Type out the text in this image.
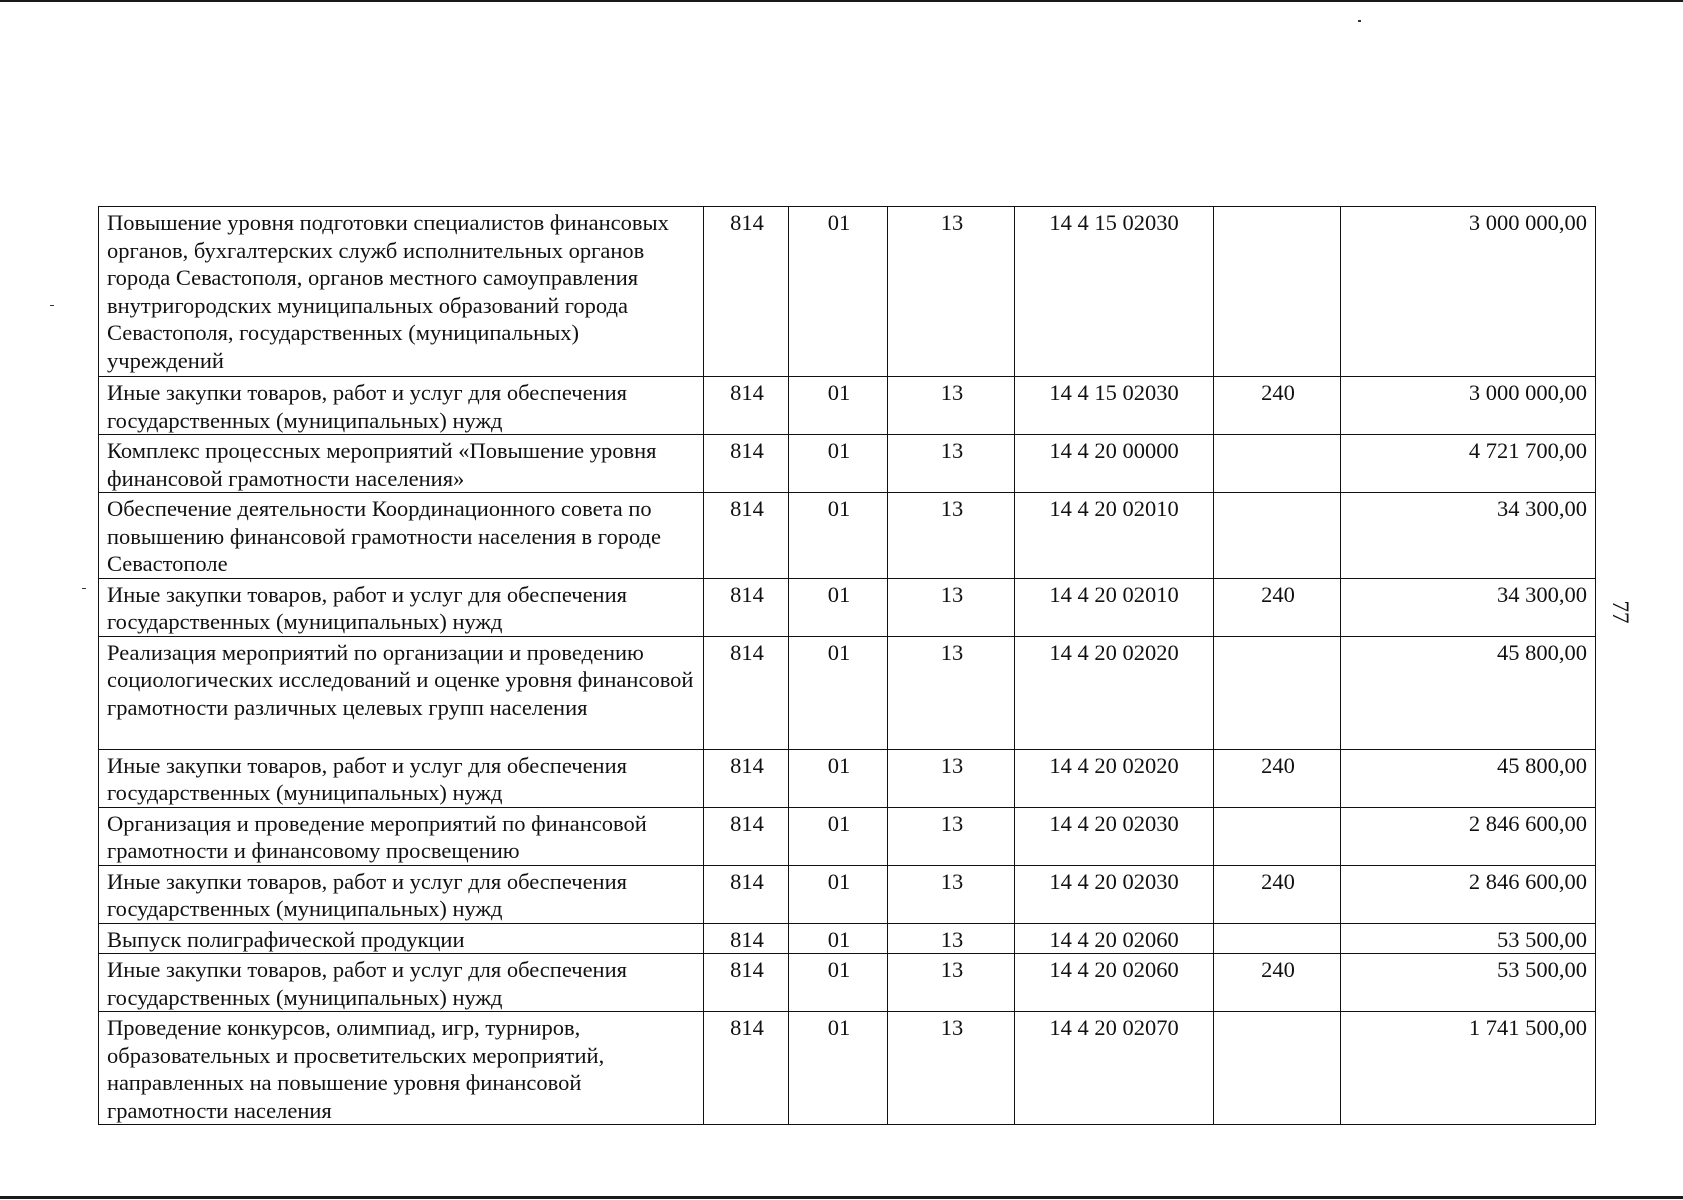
77
Повышение уровня подготовки специалистов финансовых органов, бухгалтерских служб исполнительных органов города Севастополя, органов местного самоуправления внутригородских муниципальных образований города Севастополя, государственных (муниципальных) учреждений	814	01	13	14 4 15 02030		3 000 000,00
Иные закупки товаров, работ и услуг для обеспечения государственных (муниципальных) нужд	814	01	13	14 4 15 02030	240	3 000 000,00
Комплекс процессных мероприятий «Повышение уровня финансовой грамотности населения»	814	01	13	14 4 20 00000		4 721 700,00
Обеспечение деятельности Координационного совета по повышению финансовой грамотности населения в городе Севастополе	814	01	13	14 4 20 02010		34 300,00
Иные закупки товаров, работ и услуг для обеспечения государственных (муниципальных) нужд	814	01	13	14 4 20 02010	240	34 300,00
Реализация мероприятий по организации и проведению социологических исследований и оценке уровня финансовой грамотности различных целевых групп населения	814	01	13	14 4 20 02020		45 800,00
Иные закупки товаров, работ и услуг для обеспечения государственных (муниципальных) нужд	814	01	13	14 4 20 02020	240	45 800,00
Организация и проведение мероприятий по финансовой грамотности и финансовому просвещению	814	01	13	14 4 20 02030		2 846 600,00
Иные закупки товаров, работ и услуг для обеспечения государственных (муниципальных) нужд	814	01	13	14 4 20 02030	240	2 846 600,00
Выпуск полиграфической продукции	814	01	13	14 4 20 02060		53 500,00
Иные закупки товаров, работ и услуг для обеспечения государственных (муниципальных) нужд	814	01	13	14 4 20 02060	240	53 500,00
Проведение конкурсов, олимпиад, игр, турниров, образовательных и просветительских мероприятий, направленных на повышение уровня финансовой грамотности населения	814	01	13	14 4 20 02070		1 741 500,00
